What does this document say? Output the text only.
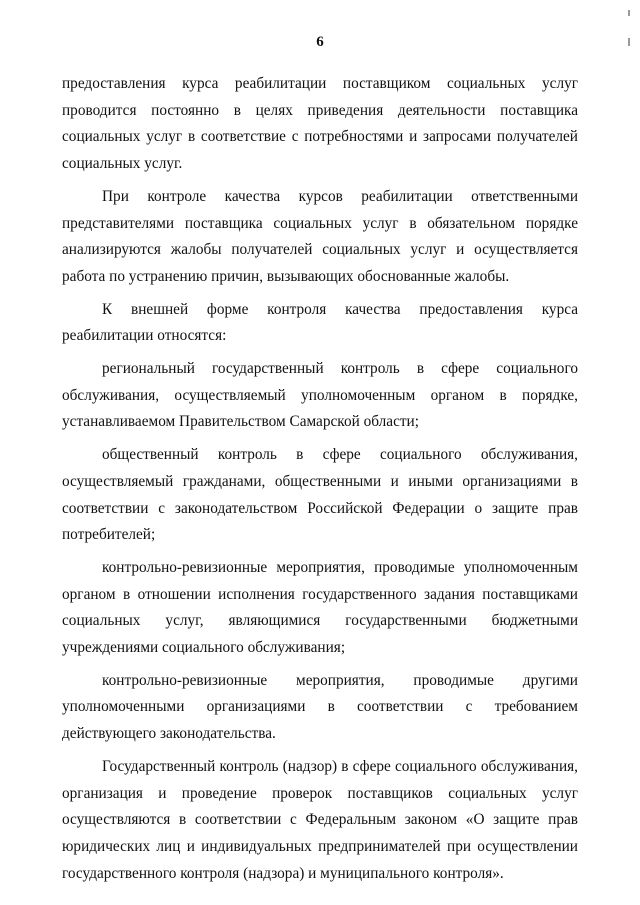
6

предоставления курса реабилитации поставщиком социальных услуг проводится постоянно в целях приведения деятельности поставщика социальных услуг в соответствие с потребностями и запросами получателей социальных услуг.

При контроле качества курсов реабилитации ответственными представителями поставщика социальных услуг в обязательном порядке анализируются жалобы получателей социальных услуг и осуществляется работа по устранению причин, вызывающих обоснованные жалобы.

К внешней форме контроля качества предоставления курса реабилитации относятся:

региональный государственный контроль в сфере социального обслуживания, осуществляемый уполномоченным органом в порядке, устанавливаемом Правительством Самарской области;

общественный контроль в сфере социального обслуживания, осуществляемый гражданами, общественными и иными организациями в соответствии с законодательством Российской Федерации о защите прав потребителей;

контрольно-ревизионные мероприятия, проводимые уполномоченным органом в отношении исполнения государственного задания поставщиками социальных услуг, являющимися государственными бюджетными учреждениями социального обслуживания;

контрольно-ревизионные мероприятия, проводимые другими уполномоченными организациями в соответствии с требованием действующего законодательства.

Государственный контроль (надзор) в сфере социального обслуживания, организация и проведение проверок поставщиков социальных услуг осуществляются в соответствии с Федеральным законом «О защите прав юридических лиц и индивидуальных предпринимателей при осуществлении государственного контроля (надзора) и муниципального контроля».
